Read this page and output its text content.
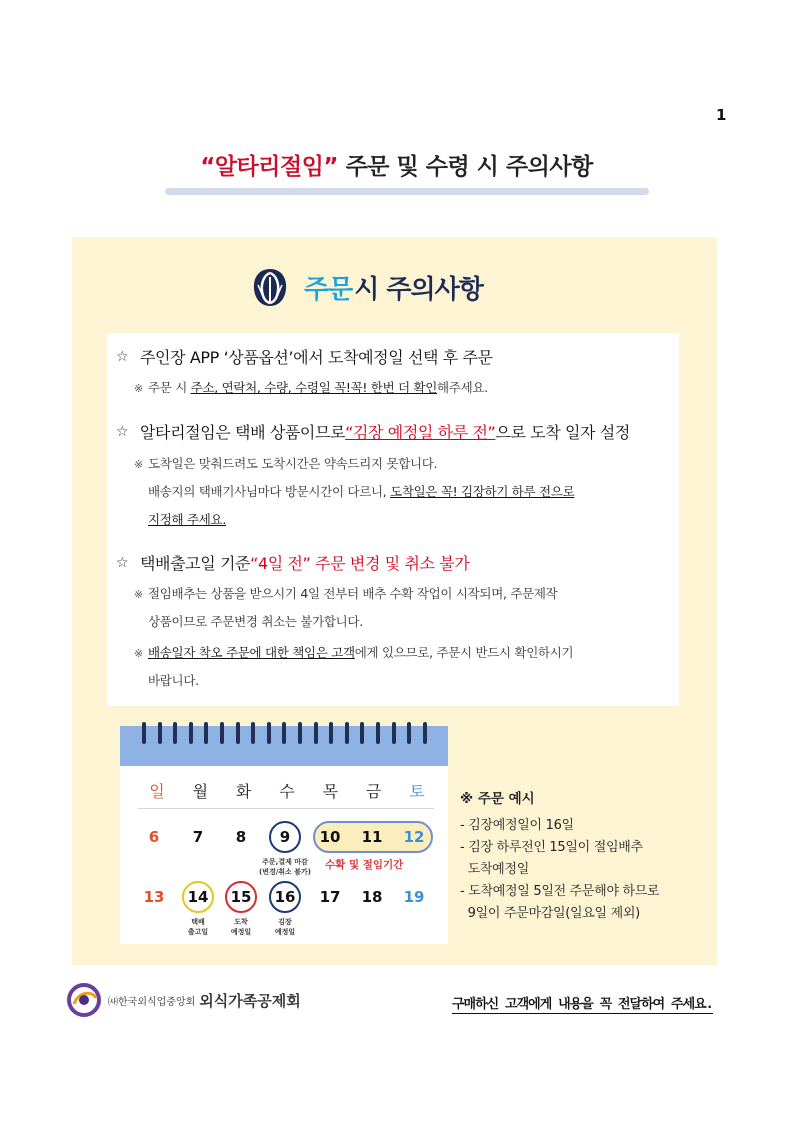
1
“알타리절임” 주문 및 수령 시 주의사항
주문 시 주의사항
☆ 주인장 APP ‘상품옵션’에서 도착예정일 선택 후 주문
※ 주문 시 주소, 연락처, 수량, 수령일 꼭!꼭! 한번 더 확인해주세요.
☆ 알타리절임은 택배 상품이므로 “김장 예정일 하루 전” 으로 도착 일자 설정
※ 도착일은 맞춰드려도 도착시간은 약속드리지 못합니다.
배송지의 택배기사님마다 방문시간이 다르니, 도착일은 꼭! 김장하기 하루 전으로
지정해 주세요.
☆ 택배출고일 기준 “4일 전” 주문 변경 및 취소 불가
※ 절임배추는 상품을 받으시기 4일 전부터 배추 수확 작업이 시작되며, 주문제작
상품이므로 주문변경 취소는 불가합니다.
※ 배송일자 착오 주문에 대한 책임은 고객에게 있으므로, 주문시 반드시 확인하시기
바랍니다.
일	월	화	수	목	금	토
6	7	8	9	10	11	12
주문,결제 마감
(변경/취소 불가)
수확 및 절임기간
13	14	15	16	17	18	19
택배
출고일
도착
예정일
김장
예정일
※ 주문 예시
- 김장예정일이 16일
- 김장 하루전인 15일이 절임배추
도착예정일
- 도착예정일 5일전 주문해야 하므로
9일이 주문마감일(일요일 제외)
㈔한국외식업중앙회 외식가족공제회	구매하신 고객에게 내용을 꼭 전달하여 주세요.
